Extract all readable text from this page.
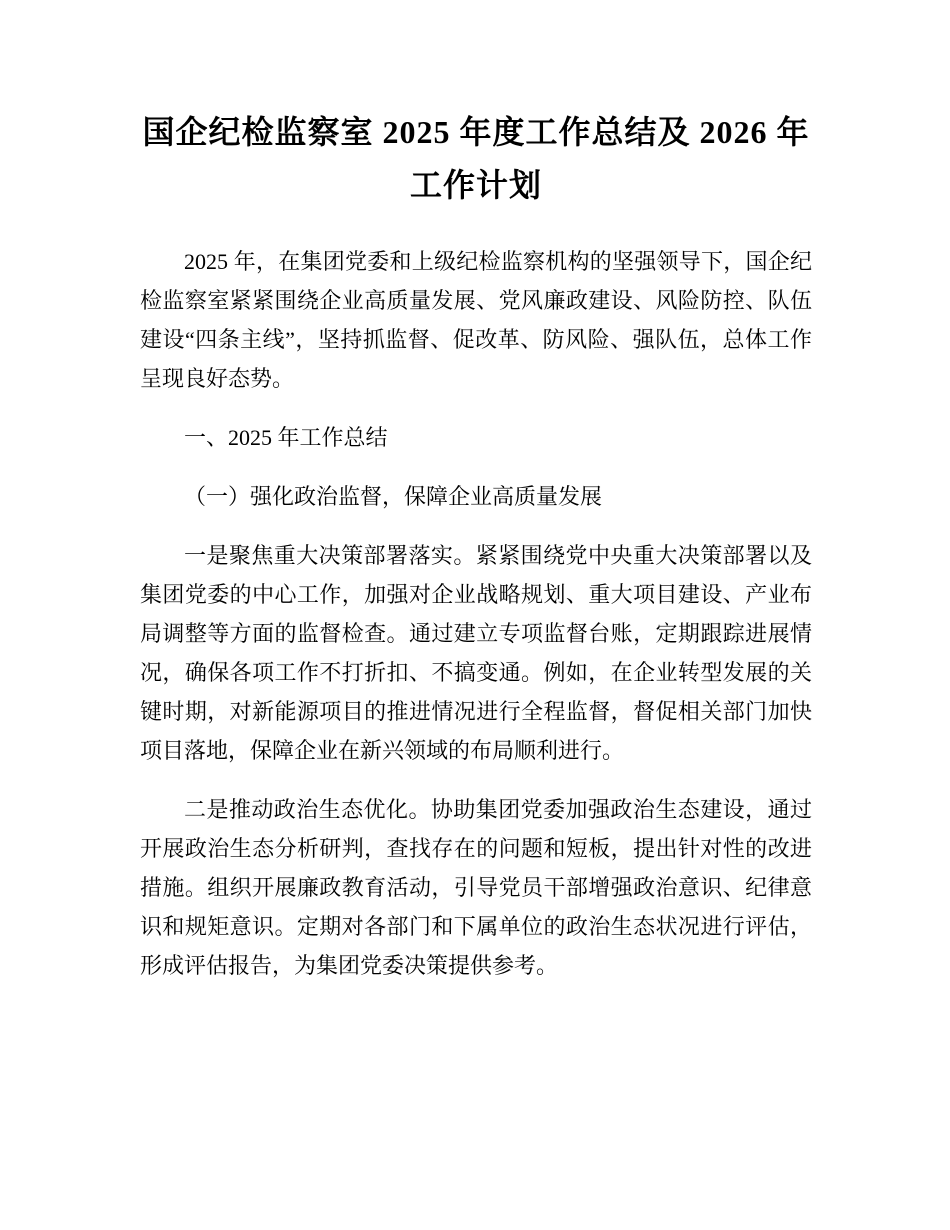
国企纪检监察室 2025 年度工作总结及 2026 年工作计划

2025 年，在集团党委和上级纪检监察机构的坚强领导下，国企纪检监察室紧紧围绕企业高质量发展、党风廉政建设、风险防控、队伍建设“四条主线”，坚持抓监督、促改革、防风险、强队伍，总体工作呈现良好态势。

一、2025 年工作总结

（一）强化政治监督，保障企业高质量发展

一是聚焦重大决策部署落实。紧紧围绕党中央重大决策部署以及集团党委的中心工作，加强对企业战略规划、重大项目建设、产业布局调整等方面的监督检查。通过建立专项监督台账，定期跟踪进展情况，确保各项工作不打折扣、不搞变通。例如，在企业转型发展的关键时期，对新能源项目的推进情况进行全程监督，督促相关部门加快项目落地，保障企业在新兴领域的布局顺利进行。

二是推动政治生态优化。协助集团党委加强政治生态建设，通过开展政治生态分析研判，查找存在的问题和短板，提出针对性的改进措施。组织开展廉政教育活动，引导党员干部增强政治意识、纪律意识和规矩意识。定期对各部门和下属单位的政治生态状况进行评估，形成评估报告，为集团党委决策提供参考。
